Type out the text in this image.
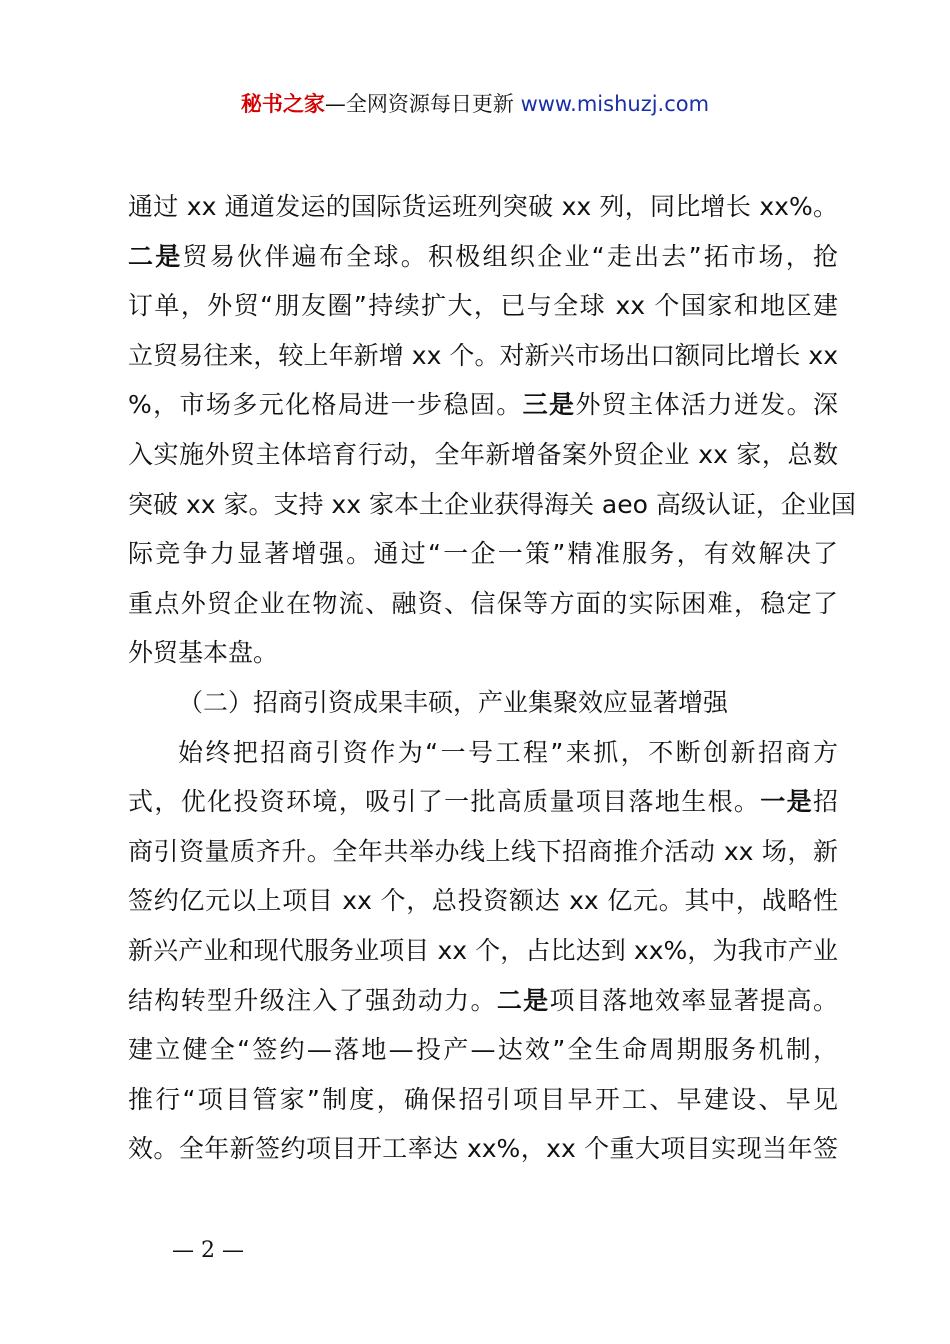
秘书之家—全网资源每日更新 www.mishuzj.com
通过 xx 通道发运的国际货运班列突破 xx 列，同比增长 xx%。
二是贸易伙伴遍布全球。积极组织企业“走出去”拓市场，抢
订单，外贸“朋友圈”持续扩大，已与全球 xx 个国家和地区建
立贸易往来，较上年新增 xx 个。对新兴市场出口额同比增长 xx
%，市场多元化格局进一步稳固。三是外贸主体活力迸发。深
入实施外贸主体培育行动，全年新增备案外贸企业 xx 家，总数
突破 xx 家。支持 xx 家本土企业获得海关 aeo 高级认证，企业国
际竞争力显著增强。通过“一企一策”精准服务，有效解决了
重点外贸企业在物流、融资、信保等方面的实际困难，稳定了
外贸基本盘。
（二）招商引资成果丰硕，产业集聚效应显著增强
始终把招商引资作为“一号工程”来抓，不断创新招商方
式，优化投资环境，吸引了一批高质量项目落地生根。一是招
商引资量质齐升。全年共举办线上线下招商推介活动 xx 场，新
签约亿元以上项目 xx 个，总投资额达 xx 亿元。其中，战略性
新兴产业和现代服务业项目 xx 个，占比达到 xx%，为我市产业
结构转型升级注入了强劲动力。二是项目落地效率显著提高。
建立健全“签约—落地—投产—达效”全生命周期服务机制，
推行“项目管家”制度，确保招引项目早开工、早建设、早见
效。全年新签约项目开工率达 xx%，xx 个重大项目实现当年签
— 2 —
